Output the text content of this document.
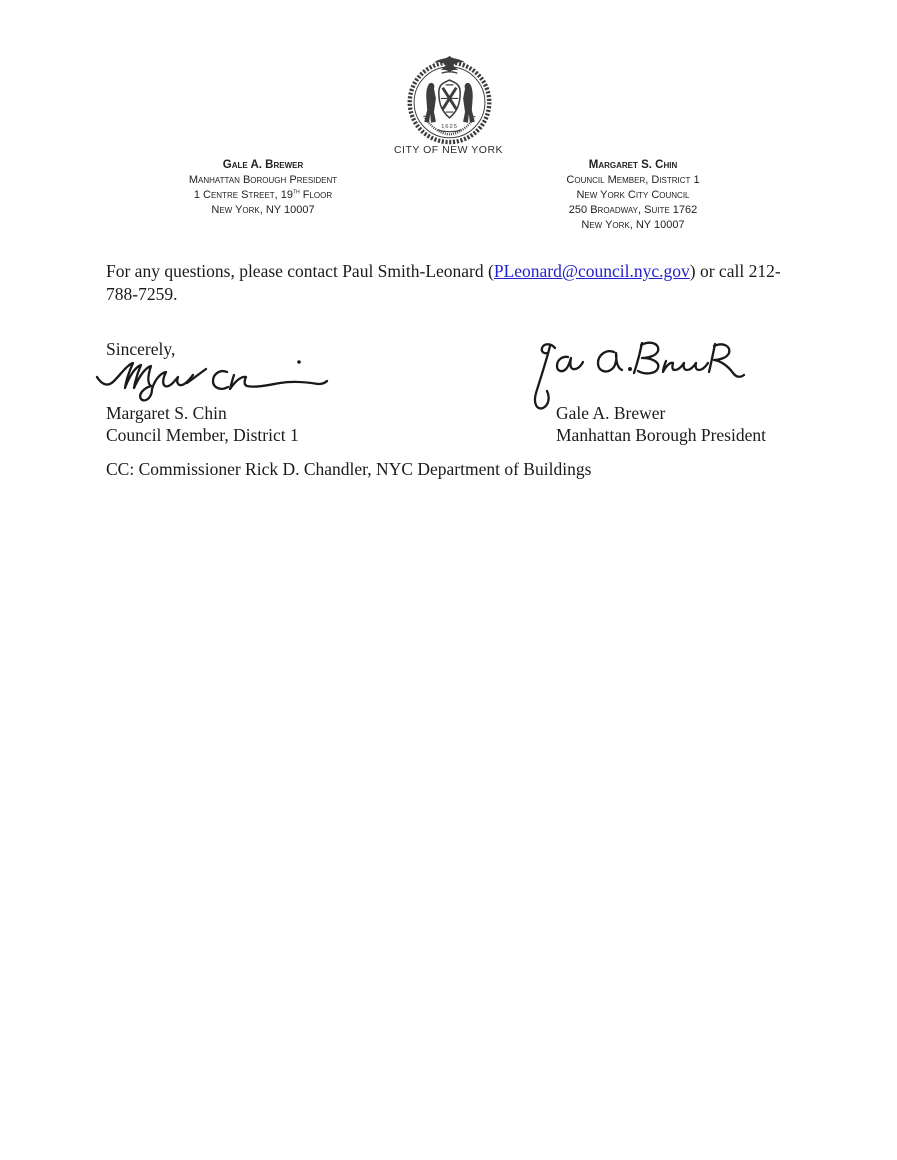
1625
CITY OF NEW YORK
Gale A. Brewer
Manhattan Borough President
1 Centre Street, 19th Floor
New York, NY 10007
Margaret S. Chin
Council Member, District 1
New York City Council
250 Broadway, Suite 1762
New York, NY 10007
For any questions, please contact Paul Smith-Leonard (PLeonard@council.nyc.gov) or call 212-
788-7259.
Sincerely,
Margaret S. Chin
Council Member, District 1
Gale A. Brewer
Manhattan Borough President
CC: Commissioner Rick D. Chandler, NYC Department of Buildings
